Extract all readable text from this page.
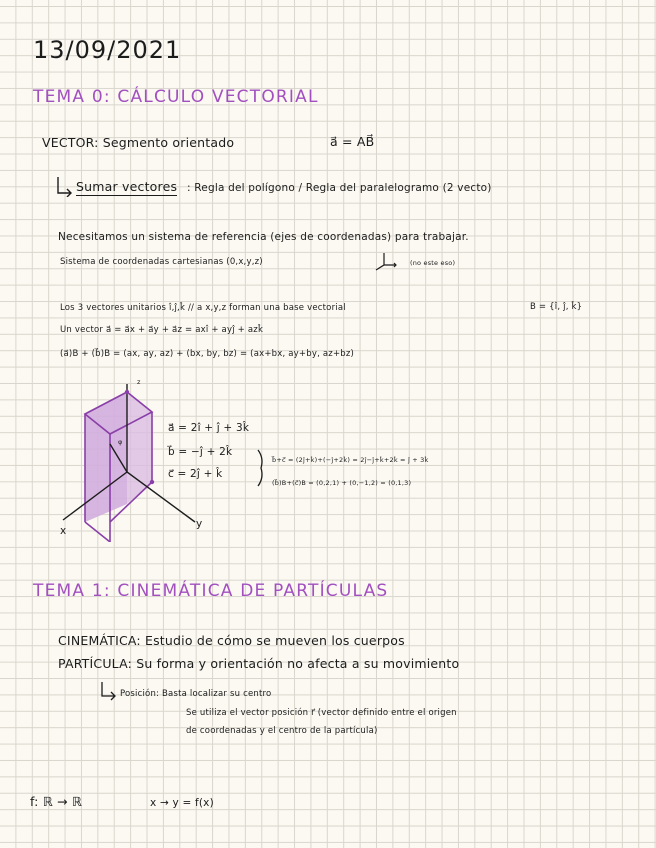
13/09/2021
TEMA 0: CÁLCULO VECTORIAL
VECTOR: Segmento orientado	a⃗ = AB⃗
Sumar vectores : Regla del polígono / Regla del paralelogramo (2 vecto)
Necesitamos un sistema de referencia (ejes de coordenadas) para trabajar.
Sistema de coordenadas cartesianas (0,x,y,z)	(no este eso)
Los 3 vectores unitarios î,ĵ,k̂ // a x,y,z forman una base vectorial	B = {î, ĵ, k̂}
Un vector a⃗ = a⃗x + a⃗y + a⃗z = axî + ayĵ + azk̂
(a⃗)B + (b⃗)B = (ax, ay, az) + (bx, by, bz) = (ax+bx, ay+by, az+bz)
z
φ
y
x
a⃗ = 2î + ĵ + 3k̂
b⃗ = −ĵ + 2k̂
c⃗ = 2ĵ + k̂
b⃗+c⃗ = (2ĵ+k̂)+(−ĵ+2k̂) = 2ĵ−ĵ+k̂+2k̂ = ĵ + 3k̂
(b⃗)B+(c⃗)B = (0,2,1) + (0,−1,2) = (0,1,3)
TEMA 1: CINEMÁTICA DE PARTÍCULAS
CINEMÁTICA: Estudio de cómo se mueven los cuerpos
PARTÍCULA: Su forma y orientación no afecta a su movimiento
Posición: Basta localizar su centro
Se utiliza el vector posición r⃗ (vector definido entre el origen
de coordenadas y el centro de la partícula)
f: ℝ → ℝ	x → y = f(x)
